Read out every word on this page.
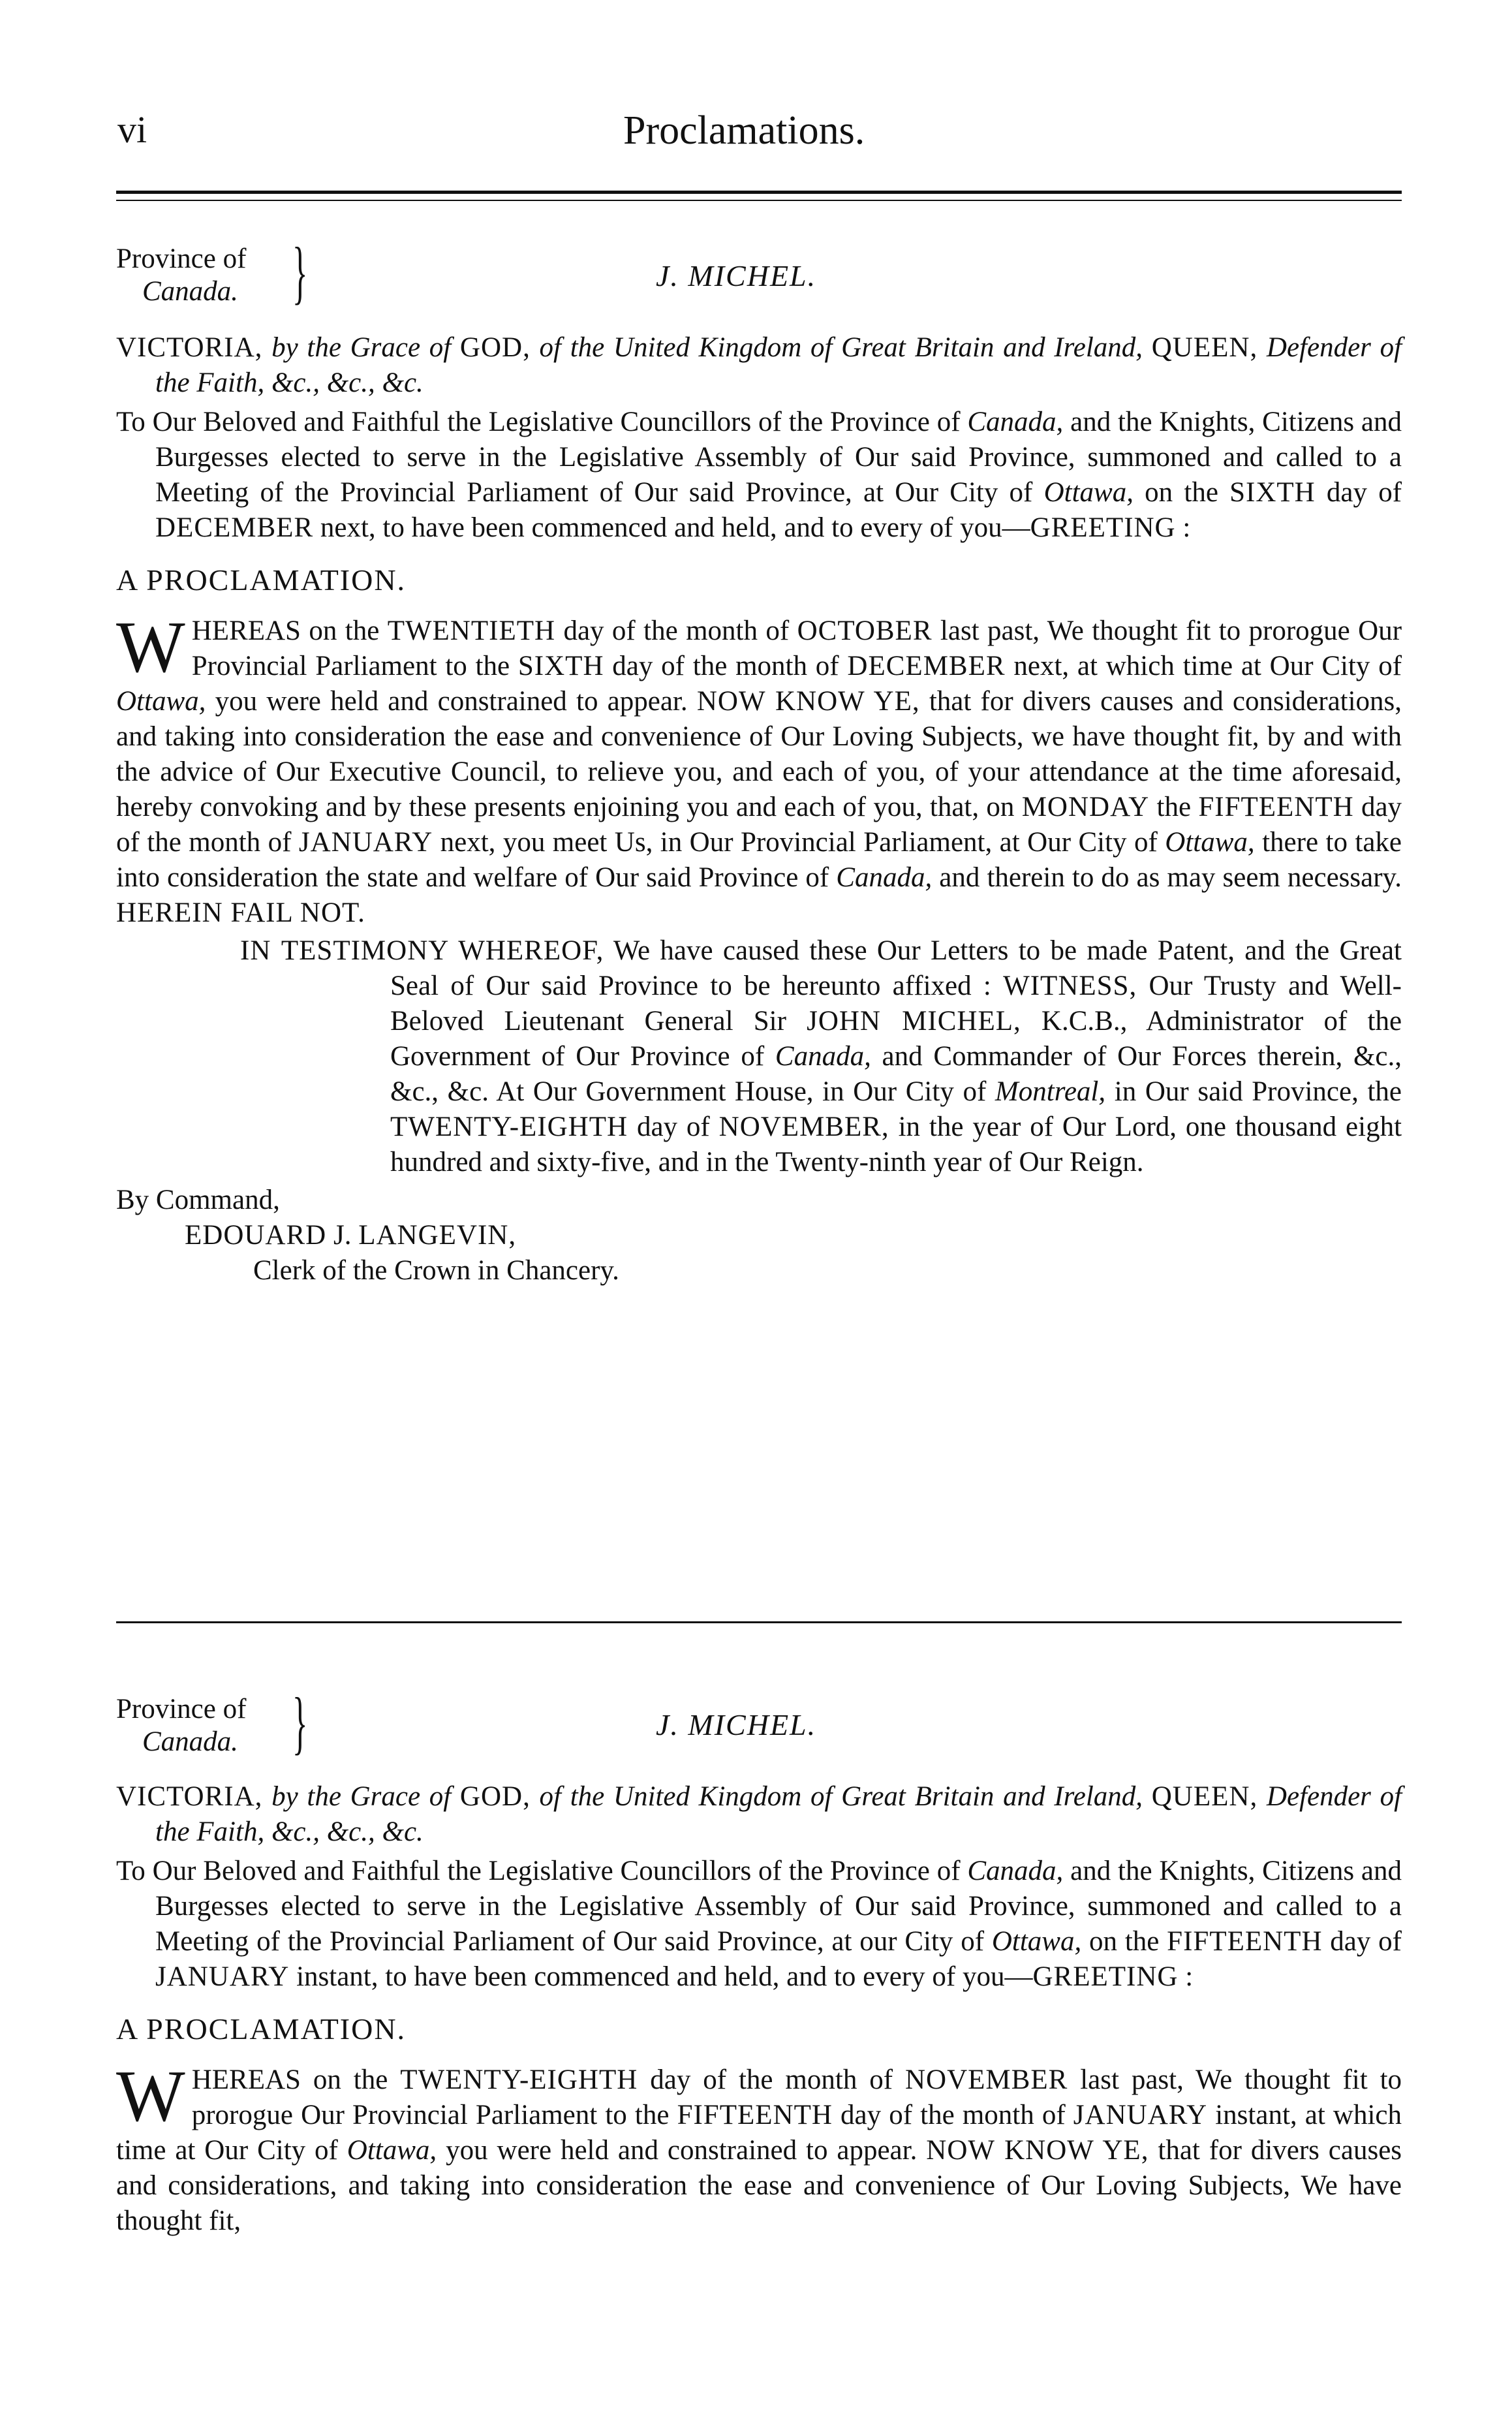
vi	Proclamations.
Province of
Canada. }	J. MICHEL.

VICTORIA, by the Grace of GOD, of the United Kingdom of Great Britain and Ireland, QUEEN, Defender of the Faith, &c., &c., &c.

To Our Beloved and Faithful the Legislative Councillors of the Province of Canada, and the Knights, Citizens and Burgesses elected to serve in the Legislative Assembly of Our said Province, summoned and called to a Meeting of the Provincial Parliament of Our said Province, at Our City of Ottawa, on the SIXTH day of DECEMBER next, to have been commenced and held, and to every of you—GREETING :

A PROCLAMATION.

WHEREAS on the TWENTIETH day of the month of OCTOBER last past, We thought fit to prorogue Our Provincial Parliament to the SIXTH day of the month of DECEMBER next, at which time at Our City of Ottawa, you were held and constrained to appear. NOW KNOW YE, that for divers causes and considerations, and taking into consideration the ease and convenience of Our Loving Subjects, we have thought fit, by and with the advice of Our Executive Council, to relieve you, and each of you, of your attendance at the time aforesaid, hereby convoking and by these presents enjoining you and each of you, that, on MONDAY the FIFTEENTH day of the month of JANUARY next, you meet Us, in Our Provincial Parliament, at Our City of Ottawa, there to take into consideration the state and welfare of Our said Province of Canada, and therein to do as may seem necessary. HEREIN FAIL NOT.

IN TESTIMONY WHEREOF, We have caused these Our Letters to be made Patent, and the Great Seal of Our said Province to be hereunto affixed : WITNESS, Our Trusty and Well-Beloved Lieutenant General Sir JOHN MICHEL, K.C.B., Administrator of the Government of Our Province of Canada, and Commander of Our Forces therein, &c., &c., &c. At Our Government House, in Our City of Montreal, in Our said Province, the TWENTY-EIGHTH day of NOVEMBER, in the year of Our Lord, one thousand eight hundred and sixty-five, and in the Twenty-ninth year of Our Reign.

By Command,
EDOUARD J. LANGEVIN,
Clerk of the Crown in Chancery.
Province of
Canada. }	J. MICHEL.

VICTORIA, by the Grace of GOD, of the United Kingdom of Great Britain and Ireland, QUEEN, Defender of the Faith, &c., &c., &c.

To Our Beloved and Faithful the Legislative Councillors of the Province of Canada, and the Knights, Citizens and Burgesses elected to serve in the Legislative Assembly of Our said Province, summoned and called to a Meeting of the Provincial Parliament of Our said Province, at our City of Ottawa, on the FIFTEENTH day of JANUARY instant, to have been commenced and held, and to every of you—GREETING :

A PROCLAMATION.

WHEREAS on the TWENTY-EIGHTH day of the month of NOVEMBER last past, We thought fit to prorogue Our Provincial Parliament to the FIFTEENTH day of the month of JANUARY instant, at which time at Our City of Ottawa, you were held and constrained to appear. NOW KNOW YE, that for divers causes and considerations, and taking into consideration the ease and convenience of Our Loving Subjects, We have thought fit,
